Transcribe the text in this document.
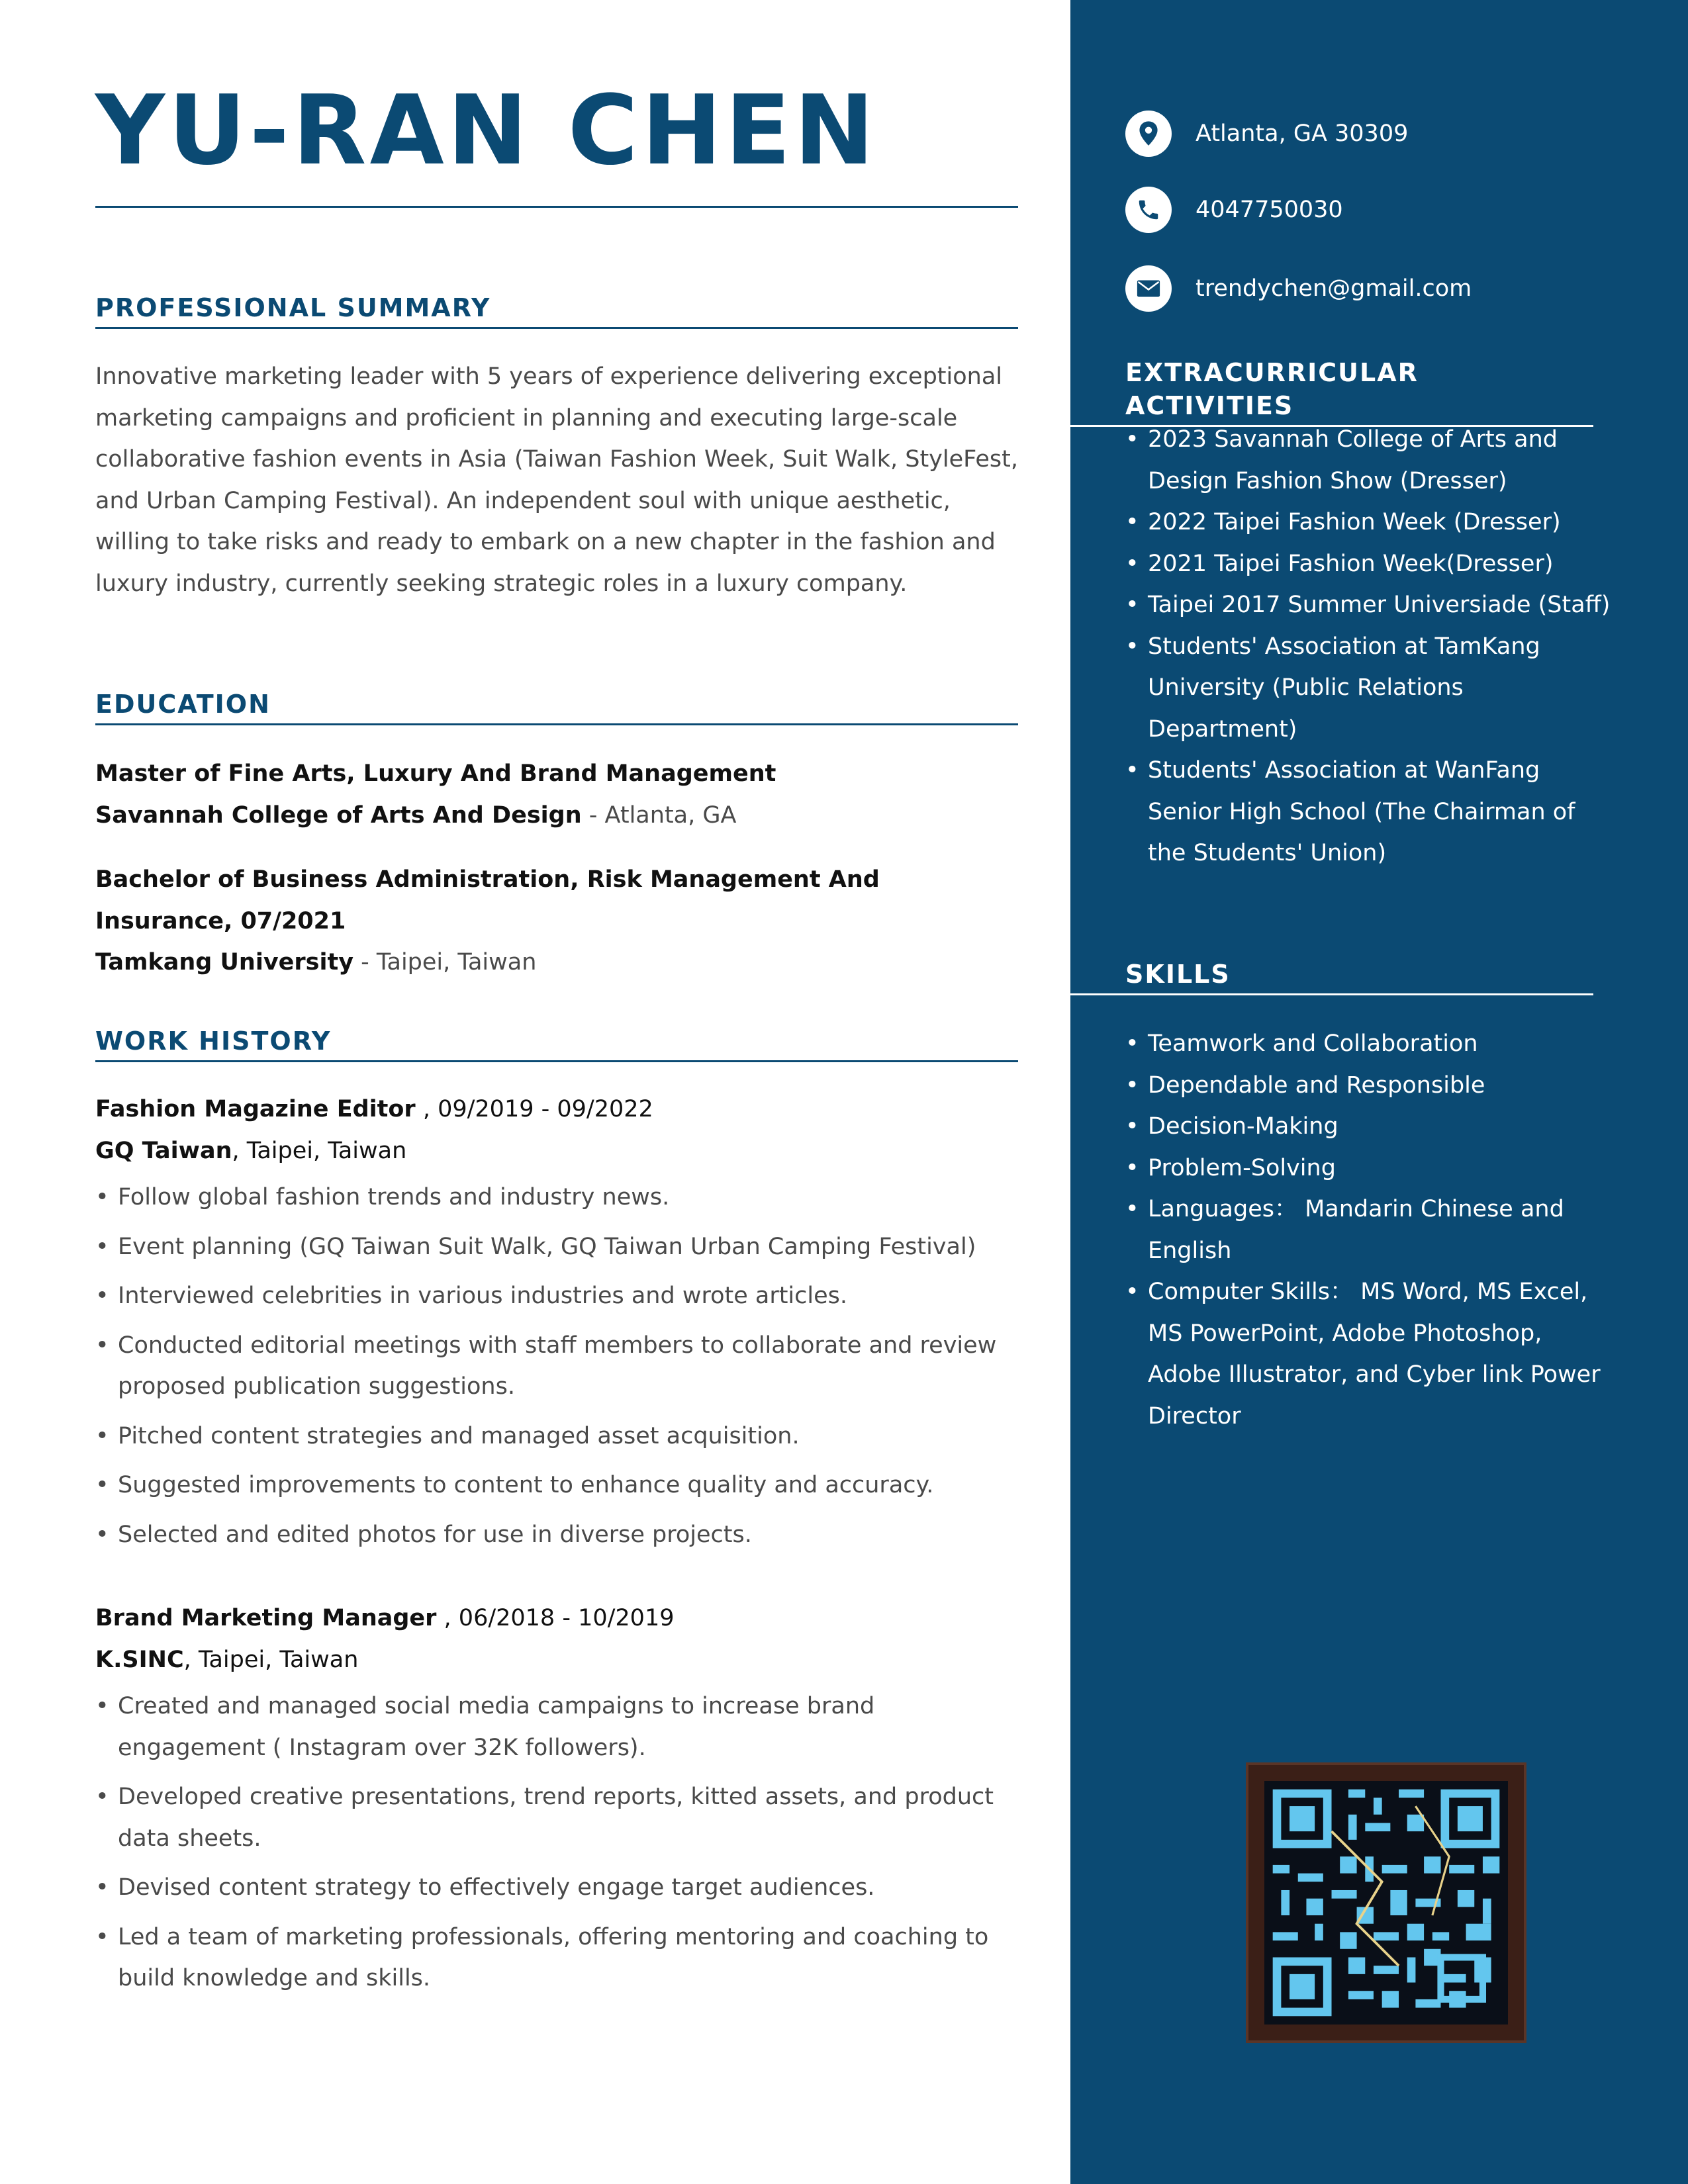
YU-RAN CHEN
PROFESSIONAL SUMMARY

Innovative marketing leader with 5 years of experience delivering exceptional marketing campaigns and proficient in planning and executing large-scale collaborative fashion events in Asia (Taiwan Fashion Week, Suit Walk, StyleFest, and Urban Camping Festival). An independent soul with unique aesthetic, willing to take risks and ready to embark on a new chapter in the fashion and luxury industry, currently seeking strategic roles in a luxury company.

EDUCATION

Master of Fine Arts, Luxury And Brand Management

Savannah College of Arts And Design - Atlanta, GA

Bachelor of Business Administration, Risk Management And Insurance, 07/2021

Tamkang University - Taipei, Taiwan

WORK HISTORY

Fashion Magazine Editor , 09/2019 - 09/2022

GQ Taiwan, Taipei, Taiwan

• Follow global fashion trends and industry news.
• Event planning (GQ Taiwan Suit Walk, GQ Taiwan Urban Camping Festival)
• Interviewed celebrities in various industries and wrote articles.
• Conducted editorial meetings with staff members to collaborate and review proposed publication suggestions.
• Pitched content strategies and managed asset acquisition.
• Suggested improvements to content to enhance quality and accuracy.
• Selected and edited photos for use in diverse projects.

Brand Marketing Manager , 06/2018 - 10/2019

K.SINC, Taipei, Taiwan

• Created and managed social media campaigns to increase brand engagement ( Instagram over 32K followers).
• Developed creative presentations, trend reports, kitted assets, and product data sheets.
• Devised content strategy to effectively engage target audiences.
• Led a team of marketing professionals, offering mentoring and coaching to build knowledge and skills.
Atlanta, GA 30309
4047750030
trendychen@gmail.com
EXTRACURRICULAR ACTIVITIES
• 2023 Savannah College of Arts and Design Fashion Show (Dresser)
• 2022 Taipei Fashion Week (Dresser)
• 2021 Taipei Fashion Week(Dresser)
• Taipei 2017 Summer Universiade (Staff)
• Students' Association at TamKang University (Public Relations Department)
• Students' Association at WanFang Senior High School (The Chairman of the Students' Union)
SKILLS
• Teamwork and Collaboration
• Dependable and Responsible
• Decision-Making
• Problem-Solving
• Languages： Mandarin Chinese and English
• Computer Skills： MS Word, MS Excel, MS PowerPoint, Adobe Photoshop, Adobe Illustrator, and Cyber link Power Director
